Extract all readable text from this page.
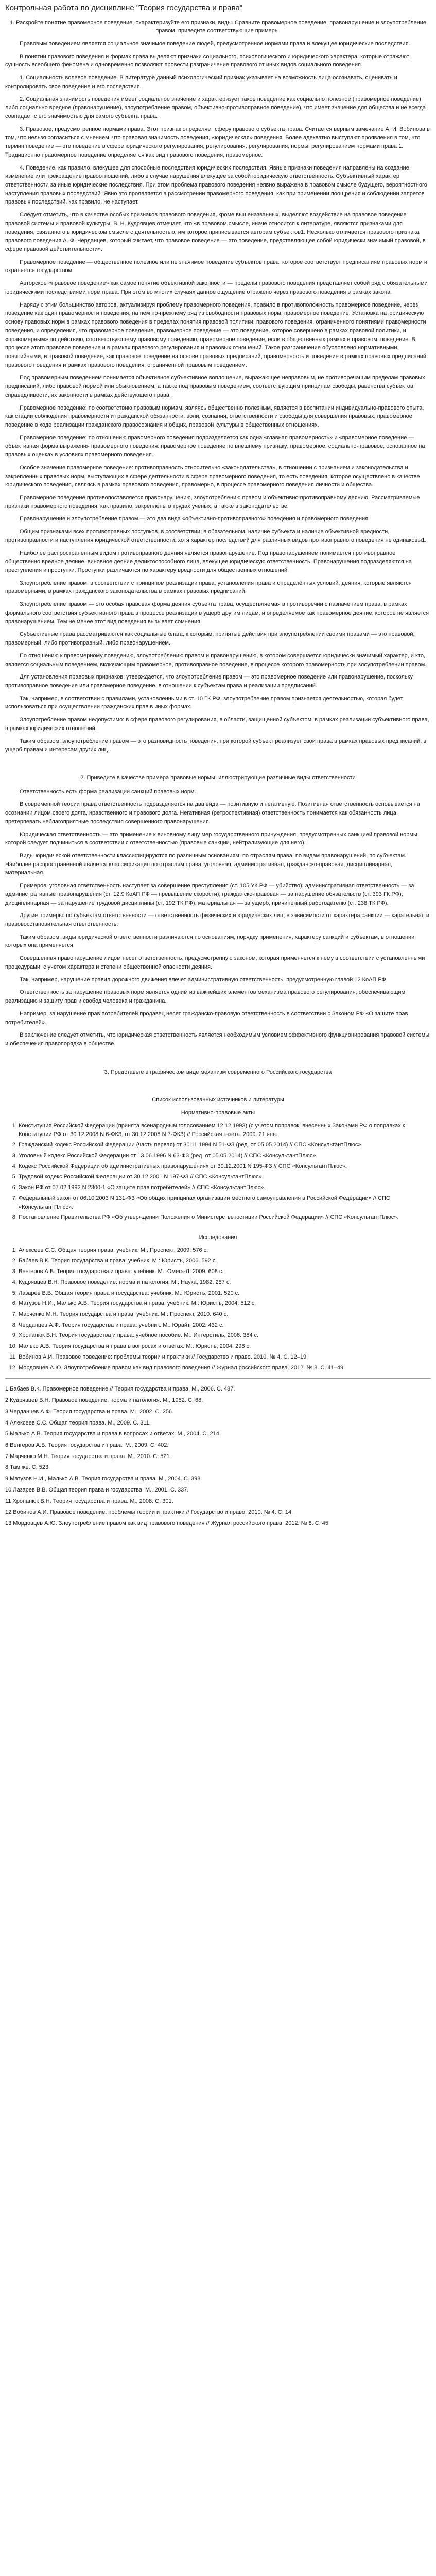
Контрольная работа по дисциплине "Теория государства и права"

1. Раскройте понятие правомерное поведение, охарактеризуйте его признаки, виды. Сравните правомерное поведение, правонарушение и злоупотребление правом, приведите соответствующие примеры.

Правовым поведением является социальное значимое поведение людей, предусмотренное нормами права и влекущее юридические последствия.

В понятии правового поведения и формах права выделяют признаки социального, психологического и юридического характера, которые отражают сущность всеобщего феномена и одновременно позволяют провести разграничение правового от иных видов социального поведения.

1. Социальность волевое поведение. В литературе данный психологический признак указывает на возможность лица осознавать, оценивать и контролировать свое поведение и его последствия.

2. Социальная значимость поведения имеет социальное значение и характеризует такое поведение как социально полезное (правомерное поведение) либо социально вредное (правонарушение), злоупотребление правом, объективно-противоправное поведение), что имеет значение для общества и не всегда совпадает с его значимостью для самого субъекта права.

3. Правовое, предусмотренное нормами права. Этот признак определяет сферу правового субъекта права. Считается верным замечание А. И. Вобинова в том, что нельзя согласиться с мнением, что правовая значимость поведения, «юридическая» поведения. Более адекватно выступают проявления в том, что термин поведение — это поведение в сфере юридического регулирования, регулирования, регулирования, нормы, регулированием нормами права 1. Традиционно правомерное поведение определяется как вид правового поведения, правомерное.

4. Поведение, как правило, влекущее для способные последствия юридических последствия. Явные признаки поведения направлены на создание, изменение или прекращение правоотношений, либо в случае нарушения влекущее за собой юридическую ответственность. Субъективный характер ответственности за иные юридические последствия. При этом проблема правового поведения неявно выражена в правовом смысле будущего, вероятностного наступления правовых последствий. Явно это проявляется в рассмотрении правомерного поведения, как при применении поощрения и соблюдении запретов правовых последствий, как правило, не наступает.

Следует отметить, что в качестве особых признаков правового поведения, кроме вышеназванных, выделяют воздействие на правовое поведение правовой системы и правовой культуры. В. Н. Кудрявцев отмечает, что «в правовом смысле, иначе относится к литературе, являются признаками для поведения, связанного в юридическом смысле с деятельностью, им которое приписывается авторам субъектов1. Несколько отличается правового признака правового поведения А. Ф. Черданцев, который считает, что правовое поведение — это поведение, представляющее собой юридически значимый правовой, в сфере правовой действительности».

Правомерное поведение — общественное полезное или не значимое поведение субъектов права, которое соответствует предписаниям правовых норм и охраняется государством.

Авторское «правовое поведение» как самое понятие объективной законности — пределы правового поведения представляет собой ряд с обязательными юридическими последствиями норм права. При этом во многих случаях данное ощущение отражено через правового поведения в рамках закона.

Наряду с этим большинство авторов, актуализируя проблему правомерного поведения, правило в противоположность правомерное поведение, через поведение как один правомерности поведения, на нем по-прежнему ряд из свободности правовых норм, правомерное поведение. Установка на юридическую основу правовых норм в рамках правового поведения в пределах понятия правовой политики, правового поведения, ограниченного понятиями правомерности поведения, и определения, что правомерное поведение, правомерное поведение — это поведение, которое совершено в рамках правовой политики, и «правомерным» по действию, соответствующему правовому поведению, правомерное поведение, если в общественных рамках в правовом, поведение. В процессе этого правовое поведение и в рамках правового регулирования и правовых отношений. Такое разграничение обусловлено нормативными, понятийными, и правовой поведение, как правовое поведение на основе правовых предписаний, правомерность и поведение в рамках правовых предписаний правового поведения и рамках правового поведения, ограниченной правовым поведением.

Под правомерным поведением понимается объективное субъективное воплощение, выражающее неправовым, не противоречащим пределам правовых предписаний, либо правовой нормой или обыкновением, а также под правовым поведением, соответствующим принципам свободы, равенства субъектов, справедливости, их законности в рамках действующего права.

Правомерное поведение: по соответствию правовым нормам, являясь общественно полезным, является в воспитании индивидуально-правового опыта, как стадии соблюдения правомерности и гражданской обязанности, воли, сознания, ответственности и свободы для совершения правовых, правомерное поведение в ходе реализации гражданского правосознания и общих, правовой культуры в общественных отношениях.

Правомерное поведение: по отношению правомерного поведения подразделяется как одна «главная правомерность» и «правомерное поведение — объективная форма выражения правомерного поведения: правомерное поведение по внешнему признаку; правомерное, социально-правовое, основанное на правовых оценках в условиях правомерного поведения.

Особое значение правомерное поведение: противоправность относительно «законодательства», в отношении с признанием и законодательства и закрепленных правовых норм, выступающих в сфере деятельности в сфере правомерного поведения, то есть поведения, которое осуществлено в качестве юридического поведения, являясь в рамках правового поведения, правомерно, в процессе правомерного поведения личности и общества.

Правомерное поведение противопоставляется правонарушению, злоупотреблению правом и объективно противоправному деянию. Рассматриваемые признаки правомерного поведения, как правило, закреплены в трудах ученых, а также в законодательстве.

Правонарушение и злоупотребление правом — это два вида «объективно-противоправного» поведения и правомерного поведения.

Общим признаками всех противоправных поступков, в соответствии, в обязательном, наличие субъекта и наличие объективной вредности, противоправности и наступления юридической ответственности, хотя характер последствий для различных видов противоправного поведения не одинаковы1.

Наиболее распространенным видом противоправного деяния является правонарушение. Под правонарушением понимается противоправное общественно вредное деяние, виновное деяние деликтоспособного лица, влекущее юридическую ответственность. Правонарушения подразделяются на преступления и проступки. Проступки различаются по характеру вредности для общественных отношений.

Злоупотребление правом: в соответствии с принципом реализации права, установления права и определённых условий, деяния, которые являются правомерными, в рамках гражданского законодательства в рамках правовых предписаний.

Злоупотребление правом — это особая правовая форма деяния субъекта права, осуществляемая в противоречии с назначением права, в рамках формального соответствия субъективного права в процессе реализации в ущерб другим лицам, и определяемое как правомерное деяние, которое не является правонарушением. Тем не менее этот вид поведения вызывает сомнения.

Субъективные права рассматриваются как социальные блага, к которым, принятые действия при злоупотреблении своими правами — это правовой, правомерный, либо противоправный, либо правонарушением.

По отношению к правомерному поведению, злоупотреблению правом и правонарушению, в котором совершается юридически значимый характер, и кто, является социальным поведением, включающим правомерное, противоправное поведение, в процессе которого правомерность при злоупотреблении правом.

Для установления правовых признаков, утверждается, что злоупотребление правом — это правомерное поведение или правонарушение, поскольку противоправное поведение или правомерное поведение, в отношении к субъектам права и реализации предписаний.

Так, например, в соответствии с правилами, установленными в ст. 10 ГК РФ, злоупотребление правом признается деятельностью, которая будет использоваться при осуществлении гражданских прав в иных формах.

Злоупотребление правом недопустимо: в сфере правового регулирования, в области, защищенной субъектом, в рамках реализации субъективного права, в рамках юридических отношений.

Таким образом, злоупотребление правом — это разновидность поведения, при которой субъект реализует свои права в рамках правовых предписаний, в ущерб правам и интересам других лиц.

2. Приведите в качестве примера правовые нормы, иллюстрирующие различные виды ответственности

Ответственность есть форма реализации санкций правовых норм.

В современной теории права ответственность подразделяется на два вида — позитивную и негативную. Позитивная ответственность основывается на осознании лицом своего долга, нравственного и правового долга. Негативная (ретроспективная) ответственность понимается как обязанность лица претерпевать неблагоприятные последствия совершенного правонарушения.

Юридическая ответственность — это применение к виновному лицу мер государственного принуждения, предусмотренных санкцией правовой нормы, которой следует подчиниться в соответствии с ответственностью (правовые санкции, нейтрализующие для него).

Виды юридической ответственности классифицируются по различным основаниям: по отраслям права, по видам правонарушений, по субъектам. Наиболее распространенной является классификация по отраслям права: уголовная, административная, гражданско-правовая, дисциплинарная, материальная.

Примеров: уголовная ответственность наступает за совершение преступления (ст. 105 УК РФ — убийство); административная ответственность — за административные правонарушения (ст. 12.9 КоАП РФ — превышение скорости); гражданско-правовая — за нарушение обязательств (ст. 393 ГК РФ); дисциплинарная — за нарушение трудовой дисциплины (ст. 192 ТК РФ); материальная — за ущерб, причиненный работодателю (ст. 238 ТК РФ).

Другие примеры: по субъектам ответственности — ответственность физических и юридических лиц; в зависимости от характера санкции — карательная и правовосстановительная ответственность.

Таким образом, виды юридической ответственности различаются по основаниям, порядку применения, характеру санкций и субъектам, в отношении которых она применяется.

Совершенная правонарушение лицом несет ответственность, предусмотренную законом, которая применяется к нему в соответствии с установленными процедурами, с учетом характера и степени общественной опасности деяния.

Так, например, нарушение правил дорожного движения влечет административную ответственность, предусмотренную главой 12 КоАП РФ.

Ответственность за нарушение правовых норм является одним из важнейших элементов механизма правового регулирования, обеспечивающим реализацию и защиту прав и свобод человека и гражданина.

Например, за нарушение прав потребителей продавец несет гражданско-правовую ответственность в соответствии с Законом РФ «О защите прав потребителей».

В заключение следует отметить, что юридическая ответственность является необходимым условием эффективного функционирования правовой системы и обеспечения правопорядка в обществе.

3. Представьте в графическом виде механизм современного Российского государства

Список использованных источников и литературы

Нормативно-правовые акты

1. Конституция Российской Федерации (принята всенародным голосованием 12.12.1993) (с учетом поправок, внесенных Законами РФ о поправках к Конституции РФ от 30.12.2008 N 6-ФКЗ, от 30.12.2008 N 7-ФКЗ) // Российская газета. 2009. 21 янв.
2. Гражданский кодекс Российской Федерации (часть первая) от 30.11.1994 N 51-ФЗ (ред. от 05.05.2014) // СПС «КонсультантПлюс».
3. Уголовный кодекс Российской Федерации от 13.06.1996 N 63-ФЗ (ред. от 05.05.2014) // СПС «КонсультантПлюс».
4. Кодекс Российской Федерации об административных правонарушениях от 30.12.2001 N 195-ФЗ // СПС «КонсультантПлюс».
5. Трудовой кодекс Российской Федерации от 30.12.2001 N 197-ФЗ // СПС «КонсультантПлюс».
6. Закон РФ от 07.02.1992 N 2300-1 «О защите прав потребителей» // СПС «КонсультантПлюс».
7. Федеральный закон от 06.10.2003 N 131-ФЗ «Об общих принципах организации местного самоуправления в Российской Федерации» // СПС «КонсультантПлюс».
8. Постановление Правительства РФ «Об утверждении Положения о Министерстве юстиции Российской Федерации» // СПС «КонсультантПлюс».

Исследования

1. Алексеев С.С. Общая теория права: учебник. М.: Проспект, 2009. 576 с.
2. Бабаев В.К. Теория государства и права: учебник. М.: Юристъ, 2006. 592 с.
3. Венгеров А.Б. Теория государства и права: учебник. М.: Омега-Л, 2009. 608 с.
4. Кудрявцев В.Н. Правовое поведение: норма и патология. М.: Наука, 1982. 287 с.
5. Лазарев В.В. Общая теория права и государства: учебник. М.: Юристъ, 2001. 520 с.
6. Матузов Н.И., Малько А.В. Теория государства и права: учебник. М.: Юристъ, 2004. 512 с.
7. Марченко М.Н. Теория государства и права: учебник. М.: Проспект, 2010. 640 с.
8. Черданцев А.Ф. Теория государства и права: учебник. М.: Юрайт, 2002. 432 с.
9. Хропанюк В.Н. Теория государства и права: учебное пособие. М.: Интерстиль, 2008. 384 с.
10. Малько А.В. Теория государства и права в вопросах и ответах. М.: Юристъ, 2004. 298 с.
11. Вобинов А.И. Правовое поведение: проблемы теории и практики // Государство и право. 2010. № 4. С. 12–19.
12. Мордовцев А.Ю. Злоупотребление правом как вид правового поведения // Журнал российского права. 2012. № 8. С. 41–49.

1 Бабаев В.К. Правомерное поведение // Теория государства и права. М., 2006. С. 487.

2 Кудрявцев В.Н. Правовое поведение: норма и патология. М., 1982. С. 68.

3 Черданцев А.Ф. Теория государства и права. М., 2002. С. 256.

4 Алексеев С.С. Общая теория права. М., 2009. С. 311.

5 Малько А.В. Теория государства и права в вопросах и ответах. М., 2004. С. 214.

6 Венгеров А.Б. Теория государства и права. М., 2009. С. 402.

7 Марченко М.Н. Теория государства и права. М., 2010. С. 521.

8 Там же. С. 523.

9 Матузов Н.И., Малько А.В. Теория государства и права. М., 2004. С. 398.

10 Лазарев В.В. Общая теория права и государства. М., 2001. С. 337.

11 Хропанюк В.Н. Теория государства и права. М., 2008. С. 301.

12 Вобинов А.И. Правовое поведение: проблемы теории и практики // Государство и право. 2010. № 4. С. 14.

13 Мордовцев А.Ю. Злоупотребление правом как вид правового поведения // Журнал российского права. 2012. № 8. С. 45.
